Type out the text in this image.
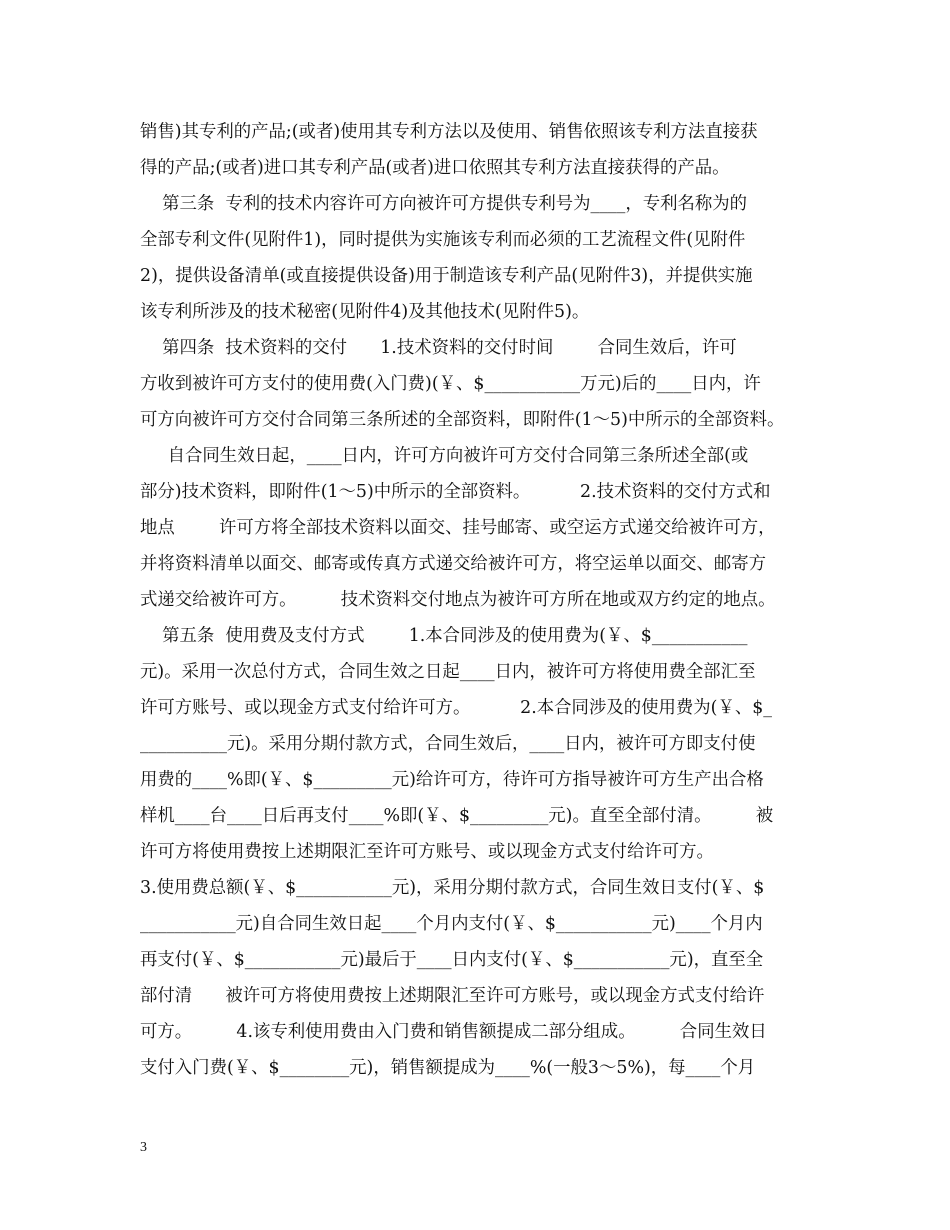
销售)其专利的产品;(或者)使用其专利方法以及使用、销售依照该专利方法直接获
得的产品;(或者)进口其专利产品(或者)进口依照其专利方法直接获得的产品。
第三条  专利的技术内容许可方向被许可方提供专利号为____，专利名称为的
全部专利文件(见附件1)，同时提供为实施该专利而必须的工艺流程文件(见附件
2)，提供设备清单(或直接提供设备)用于制造该专利产品(见附件3)，并提供实施
该专利所涉及的技术秘密(见附件4)及其他技术(见附件5)。
第四条  技术资料的交付      1.技术资料的交付时间        合同生效后，许可
方收到被许可方支付的使用费(入门费)(￥、$___________万元)后的____日内，许
可方向被许可方交付合同第三条所述的全部资料，即附件(1～5)中所示的全部资料。
自合同生效日起，____日内，许可方向被许可方交付合同第三条所述全部(或
部分)技术资料，即附件(1～5)中所示的全部资料。         2.技术资料的交付方式和
地点        许可方将全部技术资料以面交、挂号邮寄、或空运方式递交给被许可方，
并将资料清单以面交、邮寄或传真方式递交给被许可方，将空运单以面交、邮寄方
式递交给被许可方。        技术资料交付地点为被许可方所在地或双方约定的地点。
第五条  使用费及支付方式        1.本合同涉及的使用费为(￥、$___________
元)。采用一次总付方式，合同生效之日起____日内，被许可方将使用费全部汇至
许可方账号、或以现金方式支付给许可方。         2.本合同涉及的使用费为(￥、$_
__________元)。采用分期付款方式，合同生效后，____日内，被许可方即支付使
用费的____%即(￥、$_________元)给许可方，待许可方指导被许可方生产出合格
样机____台____日后再支付____%即(￥、$_________元)。直至全部付清。        被
许可方将使用费按上述期限汇至许可方账号、或以现金方式支付给许可方。
3.使用费总额(￥、$___________元)，采用分期付款方式，合同生效日支付(￥、$
___________元)自合同生效日起____个月内支付(￥、$___________元)____个月内
再支付(￥、$___________元)最后于____日内支付(￥、$___________元)，直至全
部付清      被许可方将使用费按上述期限汇至许可方账号，或以现金方式支付给许
可方。        4.该专利使用费由入门费和销售额提成二部分组成。        合同生效日
支付入门费(￥、$________元)，销售额提成为____%(一般3～5%)，每____个月
3
